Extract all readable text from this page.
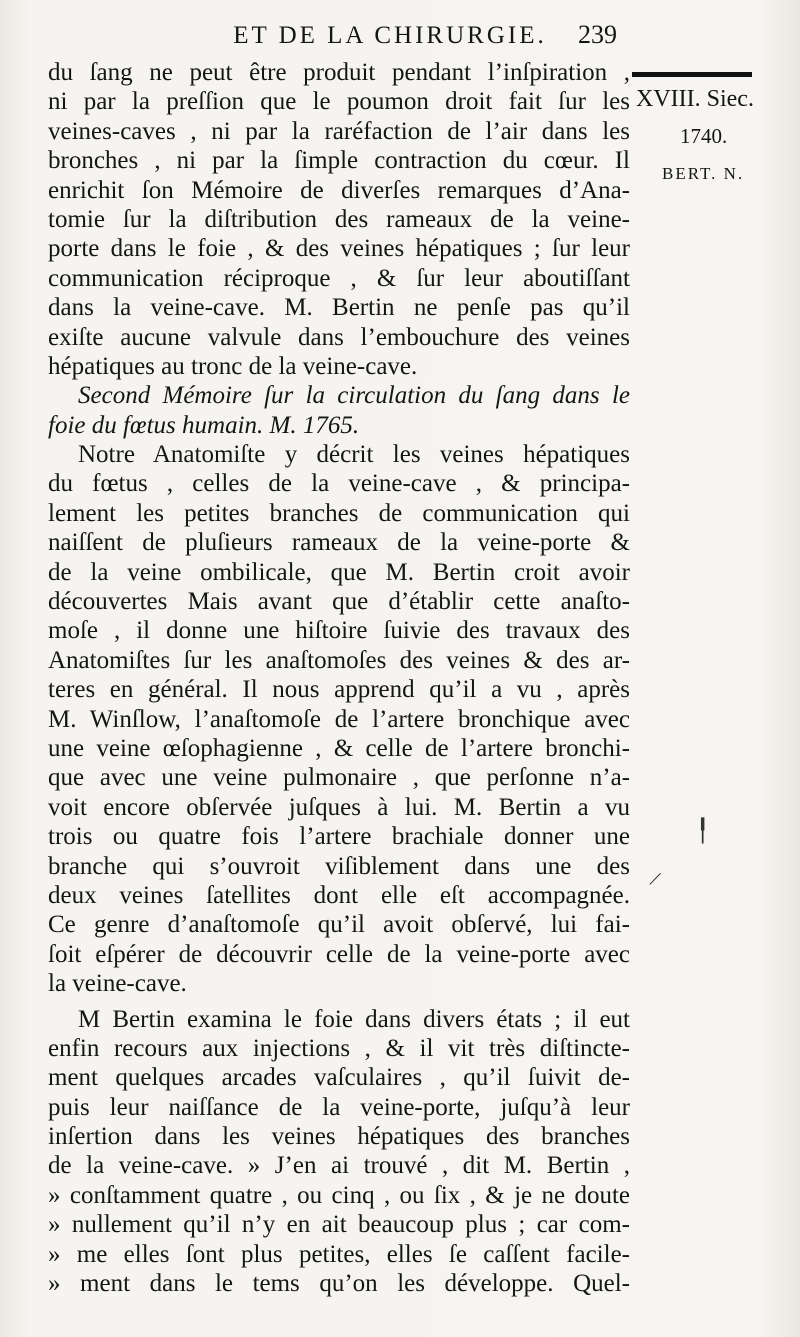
ET DE LA CHIRURGIE.	239
XVIII. Siec.
1740.
BERT. N.
du ſang ne peut être produit pendant l’inſpiration ,
ni par la preſſion que le poumon droit fait ſur les
veines-caves , ni par la raréfaction de l’air dans les
bronches , ni par la ſimple contraction du cœur. Il
enrichit ſon Mémoire de diverſes remarques d’Ana-
tomie ſur la diſtribution des rameaux de la veine-
porte dans le foie , & des veines hépatiques ; ſur leur
communication réciproque , & ſur leur aboutiſſant
dans la veine-cave. M. Bertin ne penſe pas qu’il
exiſte aucune valvule dans l’embouchure des veines
hépatiques au tronc de la veine-cave.
Second Mémoire ſur la circulation du ſang dans le
foie du fœtus humain. M. 1765.
Notre Anatomiſte y décrit les veines hépatiques
du fœtus , celles de la veine-cave , & principa-
lement les petites branches de communication qui
naiſſent de pluſieurs rameaux de la veine-porte &
de la veine ombilicale, que M. Bertin croit avoir
découvertes Mais avant que d’établir cette anaſto-
moſe , il donne une hiſtoire ſuivie des travaux des
Anatomiſtes ſur les anaſtomoſes des veines & des ar-
teres en général. Il nous apprend qu’il a vu , après
M. Winſlow, l’anaſtomoſe de l’artere bronchique avec
une veine œſophagienne , & celle de l’artere bronchi-
que avec une veine pulmonaire , que perſonne n’a-
voit encore obſervée juſques à lui. M. Bertin a vu
trois ou quatre fois l’artere brachiale donner une
branche qui s’ouvroit viſiblement dans une des
deux veines ſatellites dont elle eſt accompagnée.
Ce genre d’anaſtomoſe qu’il avoit obſervé, lui fai-
ſoit eſpérer de découvrir celle de la veine-porte avec
la veine-cave.
M Bertin examina le foie dans divers états ; il eut
enfin recours aux injections , & il vit très diſtincte-
ment quelques arcades vaſculaires , qu’il ſuivit de-
puis leur naiſſance de la veine-porte, juſqu’à leur
inſertion dans les veines hépatiques des branches
de la veine-cave. » J’en ai trouvé , dit M. Bertin ,
» conſtamment quatre , ou cinq , ou ſix , & je ne doute
» nullement qu’il n’y en ait beaucoup plus ; car com-
» me elles ſont plus petites, elles ſe caſſent facile-
» ment dans le tems qu’on les développe. Quel-
╿
/
